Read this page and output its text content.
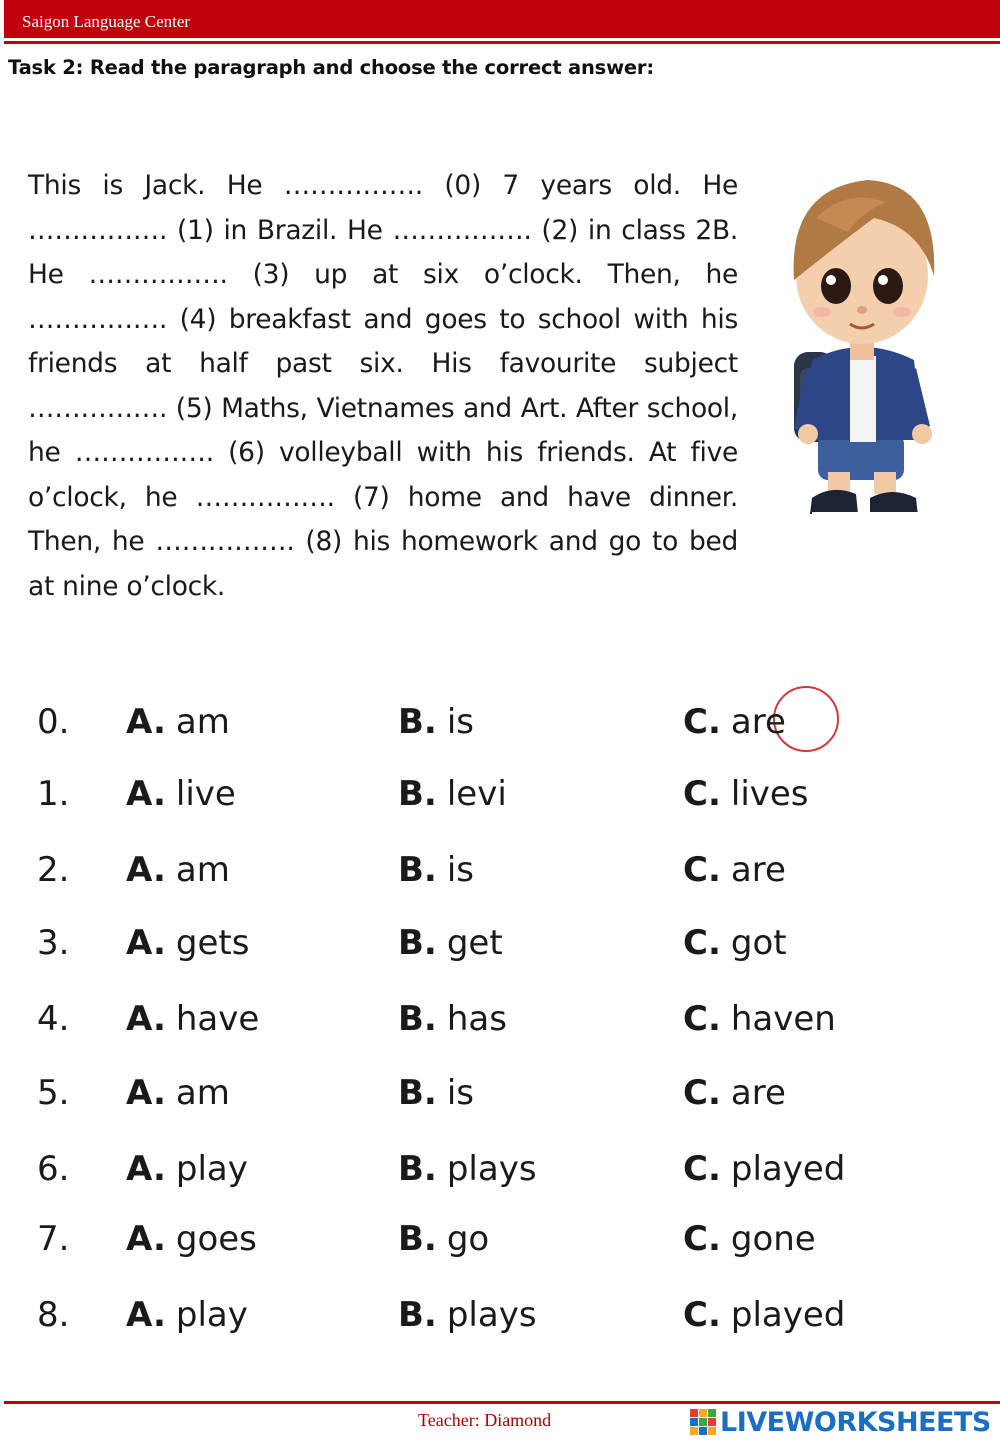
Saigon Language Center
Task 2: Read the paragraph and choose the correct answer:
This is Jack. He ……………. (0) 7 years old. He ……………. (1) in Brazil. He ……………. (2) in class 2B. He ……………. (3) up at six o’clock. Then, he ……………. (4) breakfast and goes to school with his friends at half past six. His favourite subject ……………. (5) Maths, Vietnames and Art. After school, he ……………. (6) volleyball with his friends. At five o’clock, he ……………. (7) home and have dinner. Then, he ……………. (8) his homework and go to bed at nine o’clock.
0. A. am	B. is	C. are
1. A. live	B. levi	C. lives
2. A. am	B. is	C. are
3. A. gets	B. get	C. got
4. A. have	B. has	C. haven
5. A. am	B. is	C. are
6. A. play	B. plays	C. played
7. A. goes	B. go	C. gone
8. A. play	B. plays	C. played
Teacher: Diamond	LIVEWORKSHEETS
